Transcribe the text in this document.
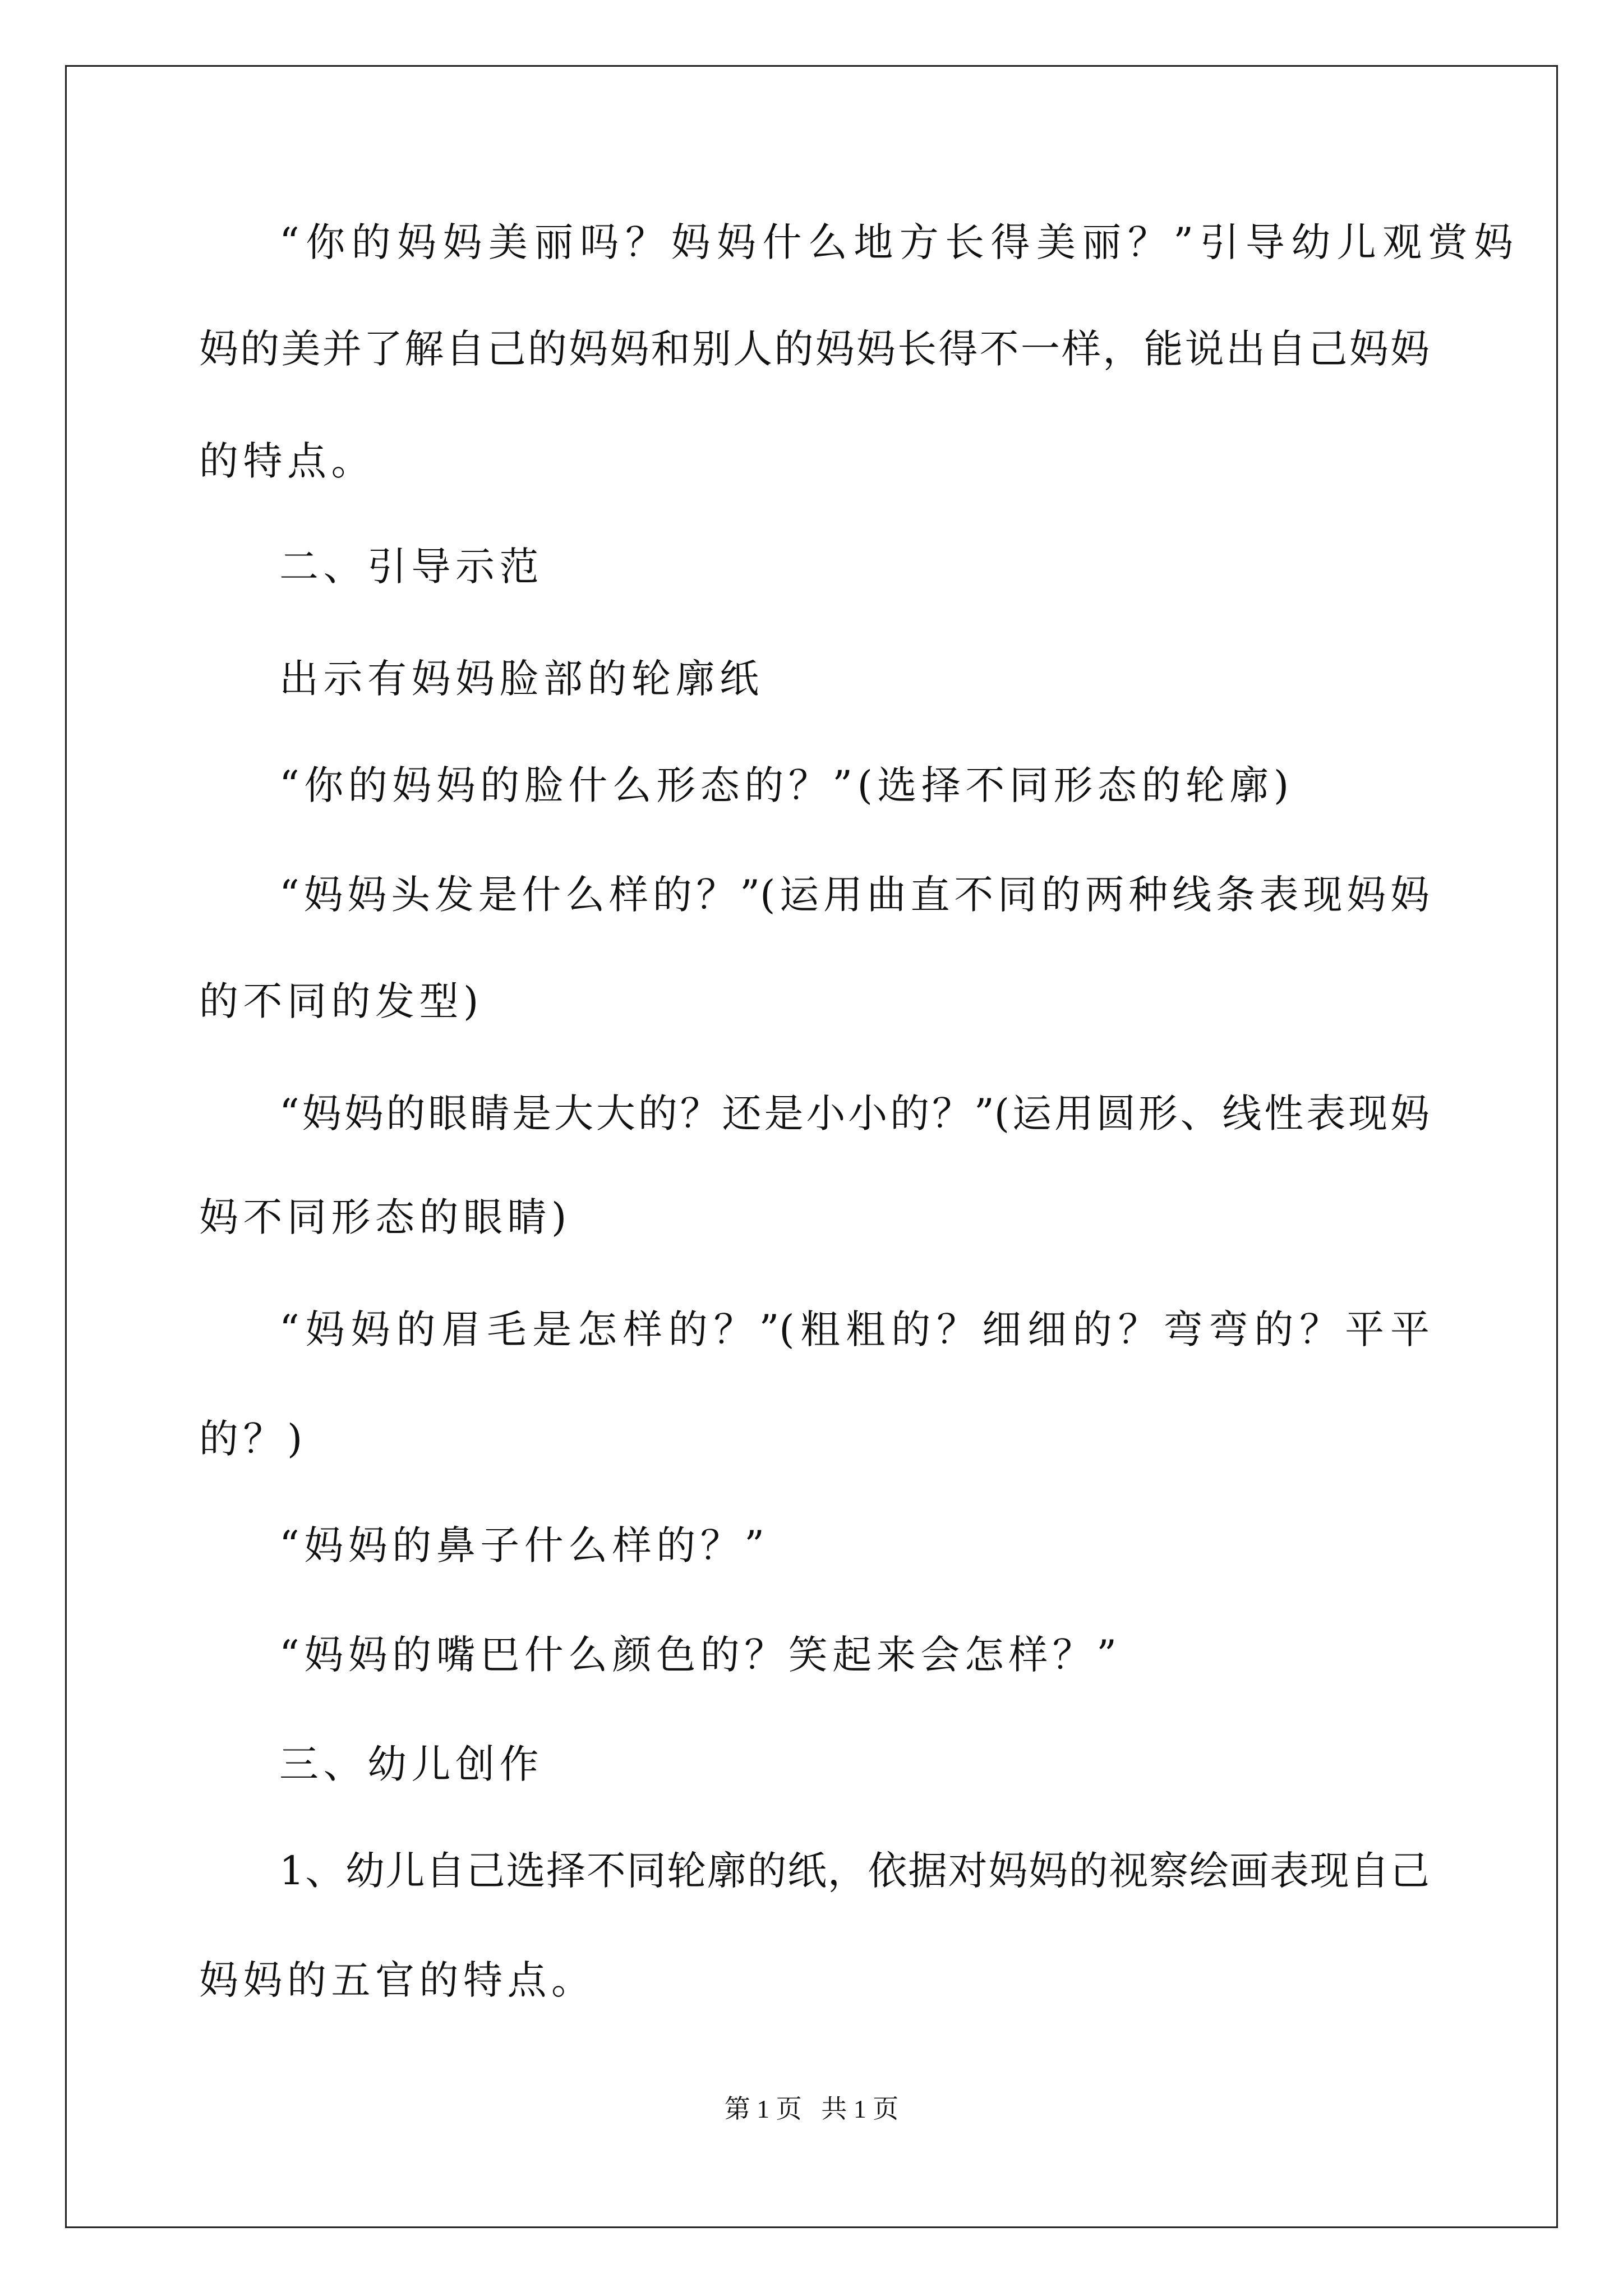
“你的妈妈美丽吗？妈妈什么地方长得美丽？”引导幼儿观赏妈

妈的美并了解自己的妈妈和别人的妈妈长得不一样，能说出自己妈妈

的特点。

二、引导示范

出示有妈妈脸部的轮廓纸

“你的妈妈的脸什么形态的？”(选择不同形态的轮廓)

“妈妈头发是什么样的？”(运用曲直不同的两种线条表现妈妈

的不同的发型)

“妈妈的眼睛是大大的？还是小小的？”(运用圆形、线性表现妈

妈不同形态的眼睛)

“妈妈的眉毛是怎样的？”(粗粗的？细细的？弯弯的？平平

的？)

“妈妈的鼻子什么样的？”

“妈妈的嘴巴什么颜色的？笑起来会怎样？”

三、幼儿创作

1、幼儿自己选择不同轮廓的纸，依据对妈妈的视察绘画表现自己

妈妈的五官的特点。

第 1 页 共 1 页
